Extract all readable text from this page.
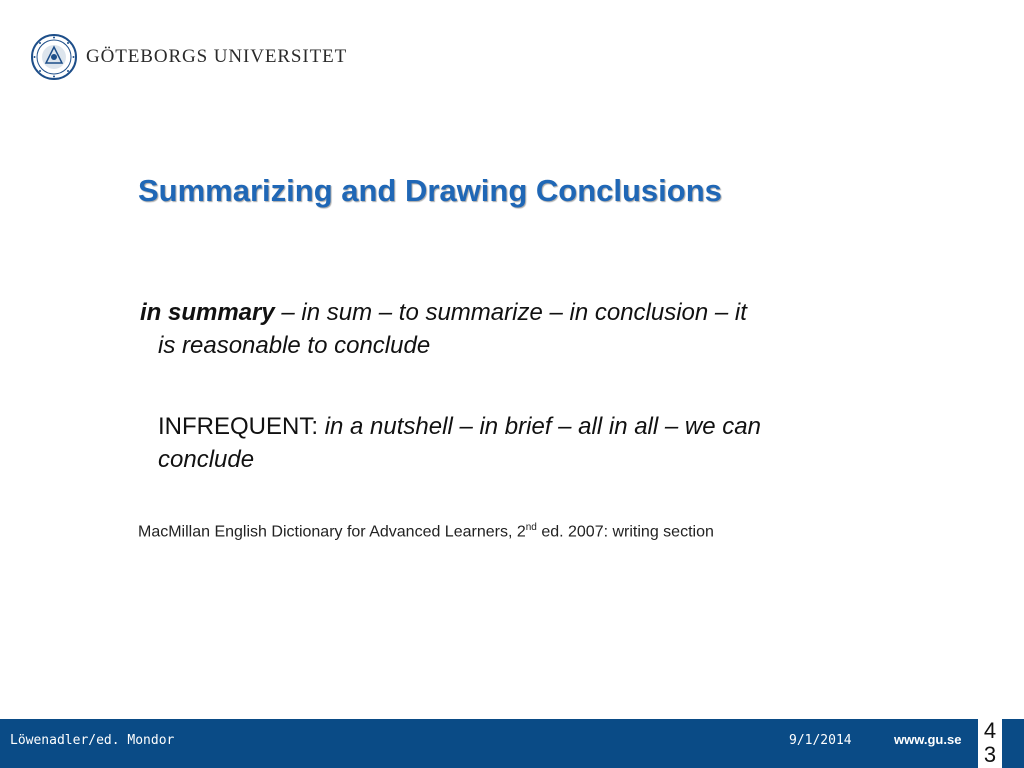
GÖTEBORGS UNIVERSITET
Summarizing and Drawing Conclusions
in summary – in sum – to summarize – in conclusion – it
is reasonable to conclude
INFREQUENT: in a nutshell – in brief – all in all – we can conclude
MacMillan English Dictionary for Advanced Learners, 2nd ed. 2007: writing section
Löwenadler/ed. Mondor	9/1/2014	www.gu.se 43
